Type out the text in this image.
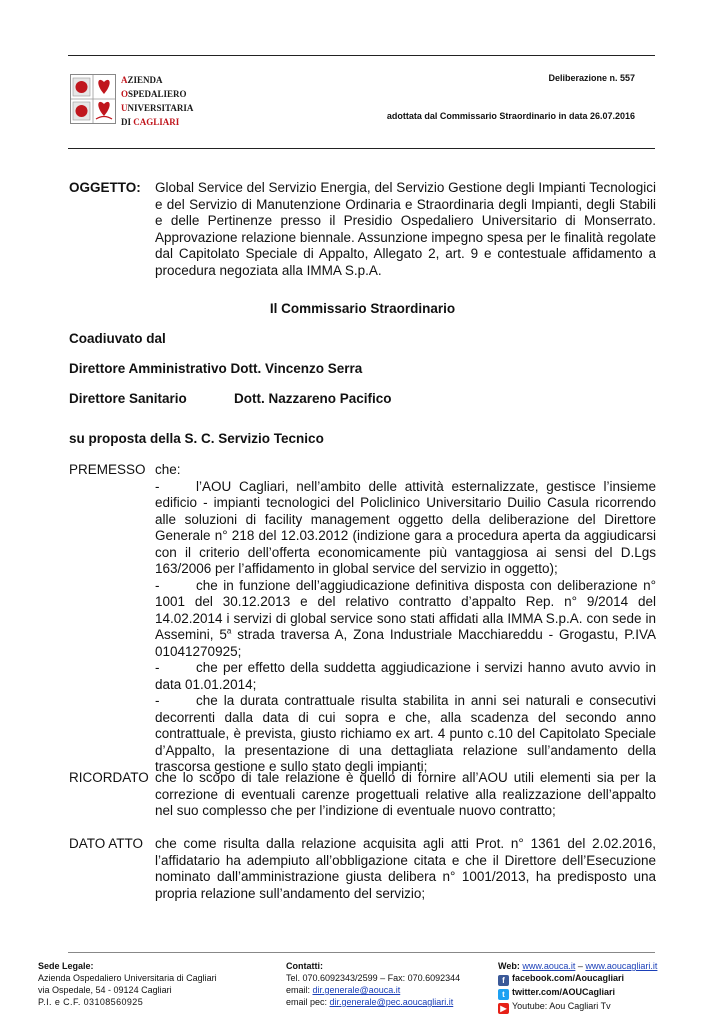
AZIENDA
OSPEDALIERO
UNIVERSITARIA
DI CAGLIARI
Deliberazione n. 557
adottata dal Commissario Straordinario in data 26.07.2016
OGGETTO: Global Service del Servizio Energia, del Servizio Gestione degli Impianti Tecnologici e del Servizio di Manutenzione Ordinaria e Straordinaria degli Impianti, degli Stabili e delle Pertinenze presso il Presidio Ospedaliero Universitario di Monserrato. Approvazione relazione biennale. Assunzione impegno spesa per le finalità regolate dal Capitolato Speciale di Appalto, Allegato 2, art. 9 e contestuale affidamento a procedura negoziata alla IMMA S.p.A.
Il Commissario Straordinario
Coadiuvato dal
Direttore Amministrativo Dott. Vincenzo Serra
Direttore Sanitario	Dott. Nazzareno Pacifico
su proposta della S. C. Servizio Tecnico
PREMESSO che:
-	l’AOU Cagliari, nell’ambito delle attività esternalizzate, gestisce l’insieme edificio - impianti tecnologici del Policlinico Universitario Duilio Casula ricorrendo alle soluzioni di facility management oggetto della deliberazione del Direttore Generale n° 218 del 12.03.2012 (indizione gara a procedura aperta da aggiudicarsi con il criterio dell’offerta economicamente più vantaggiosa ai sensi del D.Lgs 163/2006 per l’affidamento in global service del servizio in oggetto);
-	che in funzione dell’aggiudicazione definitiva disposta con deliberazione n° 1001 del 30.12.2013 e del relativo contratto d’appalto Rep. n° 9/2014 del 14.02.2014 i servizi di global service sono stati affidati alla IMMA S.p.A. con sede in Assemini, 5$^a$ strada traversa A, Zona Industriale Macchiareddu - Grogastu, P.IVA 01041270925;
-	che per effetto della suddetta aggiudicazione i servizi hanno avuto avvio in data 01.01.2014;
-	che la durata contrattuale risulta stabilita in anni sei naturali e consecutivi decorrenti dalla data di cui sopra e che, alla scadenza del secondo anno contrattuale, è prevista, giusto richiamo ex art. 4 punto c.10 del Capitolato Speciale d’Appalto, la presentazione di una dettagliata relazione sull’andamento della trascorsa gestione e sullo stato degli impianti;
RICORDATO che lo scopo di tale relazione è quello di fornire all’AOU utili elementi sia per la correzione di eventuali carenze progettuali relative alla realizzazione dell’appalto nel suo complesso che per l’indizione di eventuale nuovo contratto;
DATO ATTO che come risulta dalla relazione acquisita agli atti Prot. n° 1361 del 2.02.2016, l’affidatario ha adempiuto all’obbligazione citata e che il Direttore dell’Esecuzione nominato dall’amministrazione giusta delibera n° 1001/2013, ha predisposto una propria relazione sull’andamento del servizio;
Sede Legale:
Azienda Ospedaliero Universitaria di Cagliari
via Ospedale, 54 - 09124 Cagliari
P.I. e C.F. 03108560925
Contatti:
Tel. 070.6092343/2599 – Fax: 070.6092344
email: dir.generale@aouca.it
email pec: dir.generale@pec.aoucagliari.it
Web: www.aouca.it – www.aoucagliari.it
f facebook.com/Aoucagliari
t twitter.com/AOUCagliari
▶ Youtube: Aou Cagliari Tv
